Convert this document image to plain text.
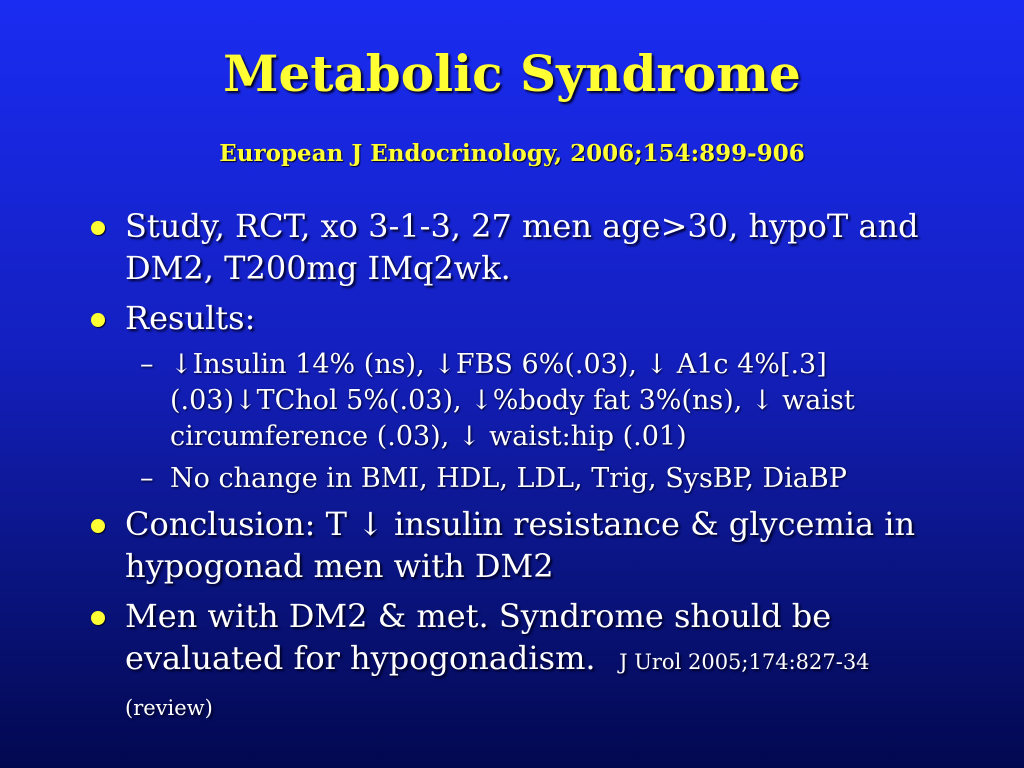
Metabolic Syndrome
European J Endocrinology, 2006;154:899-906
Study, RCT, xo 3-1-3, 27 men age>30, hypoT and DM2, T200mg IMq2wk.
Results:
– ↓Insulin 14% (ns), ↓FBS 6%(.03), ↓ A1c 4%[.3](.03)↓TChol 5%(.03), ↓%body fat 3%(ns), ↓ waist circumference (.03), ↓ waist:hip (.01)
– No change in BMI, HDL, LDL, Trig, SysBP, DiaBP
Conclusion: T ↓ insulin resistance & glycemia in hypogonad men with DM2
Men with DM2 & met. Syndrome should be evaluated for hypogonadism.   J Urol 2005;174:827-34 (review)
